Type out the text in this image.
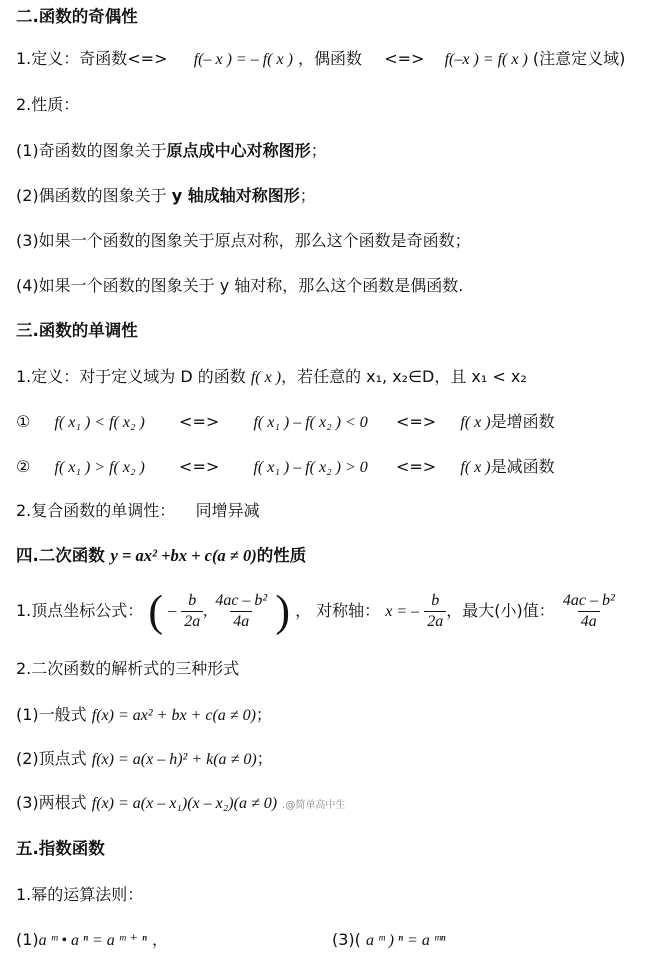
二.函数的奇偶性
1.定义：奇函数<=> f(– x ) = – f( x ) ，偶函数 <=> f(–x ) = f( x ) (注意定义域)
2.性质：
(1)奇函数的图象关于原点成中心对称图形；
(2)偶函数的图象关于 y 轴成轴对称图形；
(3)如果一个函数的图象关于原点对称，那么这个函数是奇函数；
(4)如果一个函数的图象关于 y 轴对称，那么这个函数是偶函数.
三.函数的单调性
1.定义：对于定义域为 D 的函数 f( x )，若任意的 x₁, x₂∈D，且 x₁ < x₂
① f( x₁ ) < f( x₂ ) <=> f( x₁ ) – f( x₂ ) < 0 <=> f( x )是增函数
② f( x₁ ) > f( x₂ ) <=> f( x₁ ) – f( x₂ ) > 0 <=> f( x )是减函数
2.复合函数的单调性：    同增异减
四.二次函数 y = ax² +bx + c(a ≠ 0)的性质
1.顶点坐标公式： ( – $\frac{b}{2a}$ , $\frac{\text{4ac – b²}}{4a}$ ) ， 对称轴： x = – $\frac{b}{2a}$ ，最大(小)值： $\frac{\text{4ac – b²}}{4a}$
2.二次函数的解析式的三种形式
(1)一般式 f(x) = ax² + bx + c(a ≠ 0)；
(2)顶点式 f(x) = a(x – h)² + k(a ≠ 0)；
(3)两根式 f(x) = a(x – x₁)(x – x₂)(a ≠ 0) .@简单高中生
五.指数函数
1.幂的运算法则：
(1)a ᵐ • a ⁿ = a ᵐ ⁺ ⁿ ，	(3)( a ᵐ ) ⁿ = a ᵐⁿ
